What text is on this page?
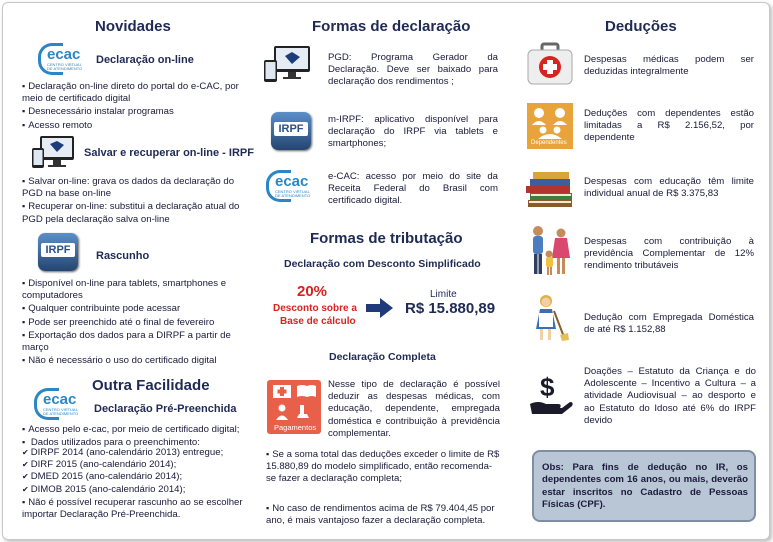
Novidades
ecac
CENTRO VIRTUAL DE ATENDIMENTO
Declaração on-line
▪ Declaração on-line direto do portal do e-CAC, por meio de certificado digital
▪ Desnecessário instalar programas
▪ Acesso remoto
Salvar e recuperar on-line - IRPF
▪ Salvar on-line: grava os dados da declaração do PGD na base on-line
▪ Recuperar on-line: substitui a declaração atual do PGD pela declaração salva on-line
IRPF	Rascunho
▪ Disponível on-line para tablets, smartphones e computadores
▪ Qualquer contribuinte pode acessar
▪ Pode ser preenchido até o final de fevereiro
▪ Exportação dos dados para a DIRPF a partir de março
▪ Não é necessário o uso do certificado digital
Outra Facilidade
ecac
CENTRO VIRTUAL DE ATENDIMENTO	Declaração Pré-Preenchida
▪ Acesso pelo e-cac, por meio de certificado digital;
▪ Dados utilizados para o preenchimento:
✔ DIRPF 2014 (ano-calendário 2013) entregue;
✔ DIRF 2015 (ano-calendário 2014);
✔ DMED 2015 (ano-calendário 2014);
✔ DIMOB 2015 (ano-calendário 2014);
▪ Não é possível recuperar rascunho ao se escolher importar Declaração Pré-Preenchida.
Formas de declaração
PGD: Programa Gerador da Declaração. Deve ser baixado para declaração dos rendimentos ;
IRPF
m-IRPF: aplicativo disponível para declaração do IRPF via tablets e smartphones;
ecac
CENTRO VIRTUAL DE ATENDIMENTO
e-CAC: acesso por meio do site da Receita Federal do Brasil com certificado digital.
Formas de tributação
Declaração com Desconto Simplificado
20%
Desconto sobre a
Base de cálculo
Limite
R$ 15.880,89
Declaração Completa
Pagamentos
Nesse tipo de declaração é possível deduzir as despesas médicas, com educação, dependente, empregada doméstica e contribuição à previdência complementar.
▪ Se a soma total das deduções exceder o limite de R$ 15.880,89 do modelo simplificado, então recomenda-se fazer a declaração completa;
▪ No caso de rendimentos acima de R$ 79.404,45 por ano, é mais vantajoso fazer a declaração completa.
Deduções
Despesas médicas podem ser deduzidas integralmente
Dependentes
Deduções com dependentes estão limitadas a R$ 2.156,52, por dependente
Despesas com educação têm limite individual anual de R$ 3.375,83
Despesas com contribuição à previdência Complementar de 12% rendimento tributáveis
Dedução com Empregada Doméstica de até R$ 1.152,88
$
Doações – Estatuto da Criança e do Adolescente – Incentivo a Cultura – a atividade Audiovisual – ao desporto e ao Estatuto do Idoso até 6% do IRPF devido
Obs: Para fins de dedução no IR, os dependentes com 16 anos, ou mais, deverão estar inscritos no Cadastro de Pessoas Físicas (CPF).
